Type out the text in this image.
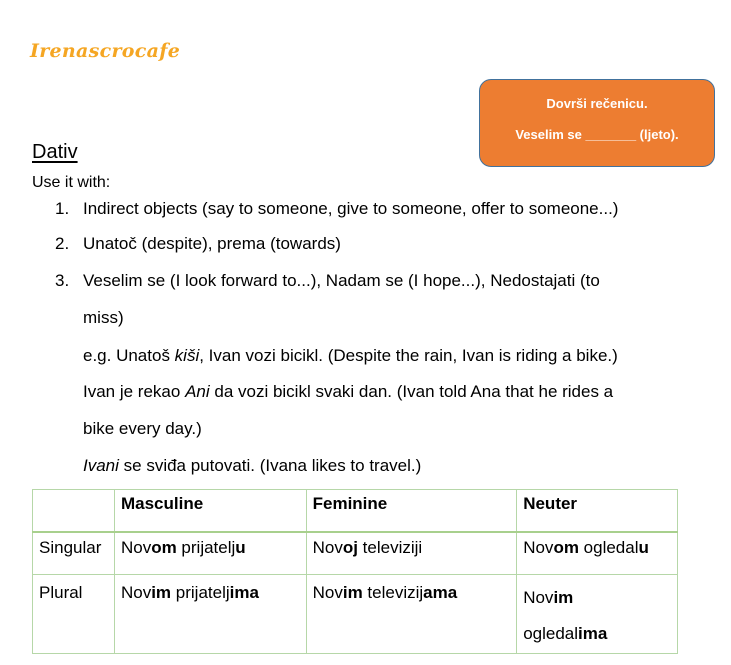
Irenascrocafe
Dovrši rečenicu.
Veselim se _______ (ljeto).
Dativ
Use it with:
1. Indirect objects (say to someone, give to someone, offer to someone...)
2. Unatoč (despite), prema (towards)
3. Veselim se (I look forward to...), Nadam se (I hope...), Nedostajati (to
miss)
e.g. Unatoš kiši, Ivan vozi bicikl. (Despite the rain, Ivan is riding a bike.)
Ivan je rekao Ani da vozi bicikl svaki dan. (Ivan told Ana that he rides a
bike every day.)
Ivani se sviđa putovati. (Ivana likes to travel.)
	Masculine	Feminine	Neuter
Singular	Novom prijatelju	Novoj televiziji	Novom ogledalu
Plural	Novim prijateljima	Novim televizijama	Novim
ogledalima
